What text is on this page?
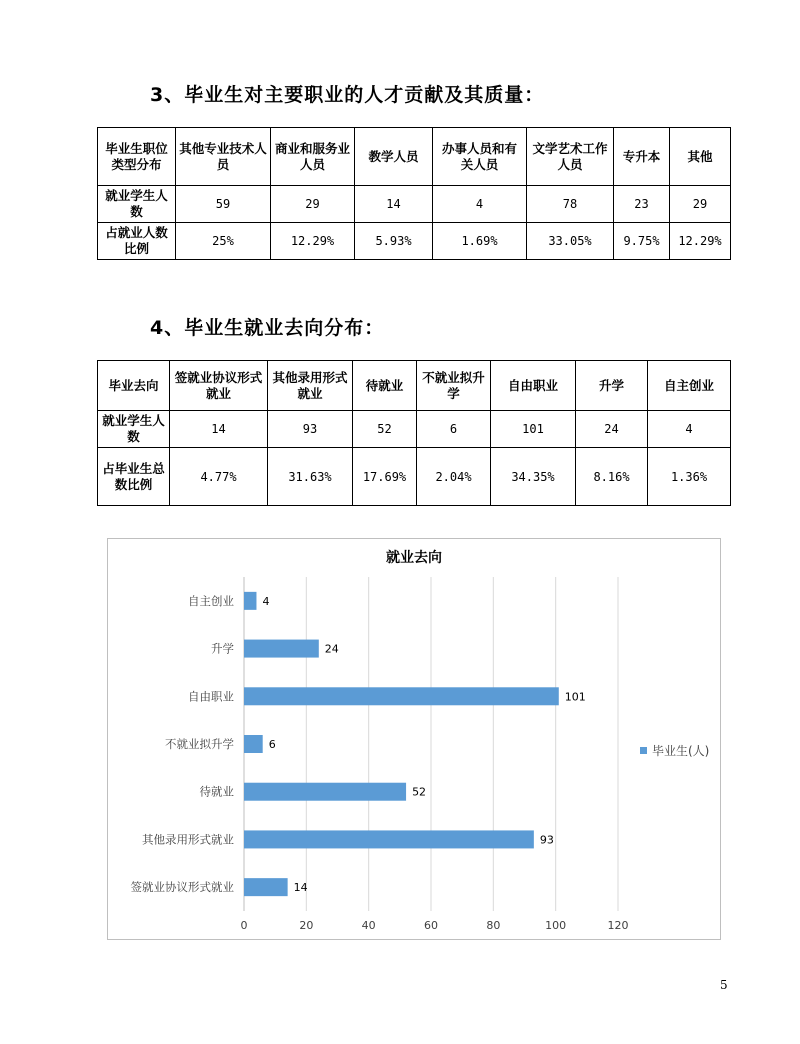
3、毕业生对主要职业的人才贡献及其质量：
毕业生职位类型分布	其他专业技术人员	商业和服务业人员	教学人员	办事人员和有关人员	文学艺术工作人员	专升本	其他
就业学生人数	59	29	14	4	78	23	29
占就业人数比例	25%	12.29%	5.93%	1.69%	33.05%	9.75%	12.29%
4、毕业生就业去向分布：
毕业去向	签就业协议形式就业	其他录用形式就业	待就业	不就业拟升学	自由职业	升学	自主创业
就业学生人数	14	93	52	6	101	24	4
占毕业生总数比例	4.77%	31.63%	17.69%	2.04%	34.35%	8.16%	1.36%
就业去向
0	20	40	60	80	100	120
自主创业	4
升学	24
自由职业	101
不就业拟升学	6
待就业	52
其他录用形式就业	93
签就业协议形式就业	14
毕业生(人)
5
